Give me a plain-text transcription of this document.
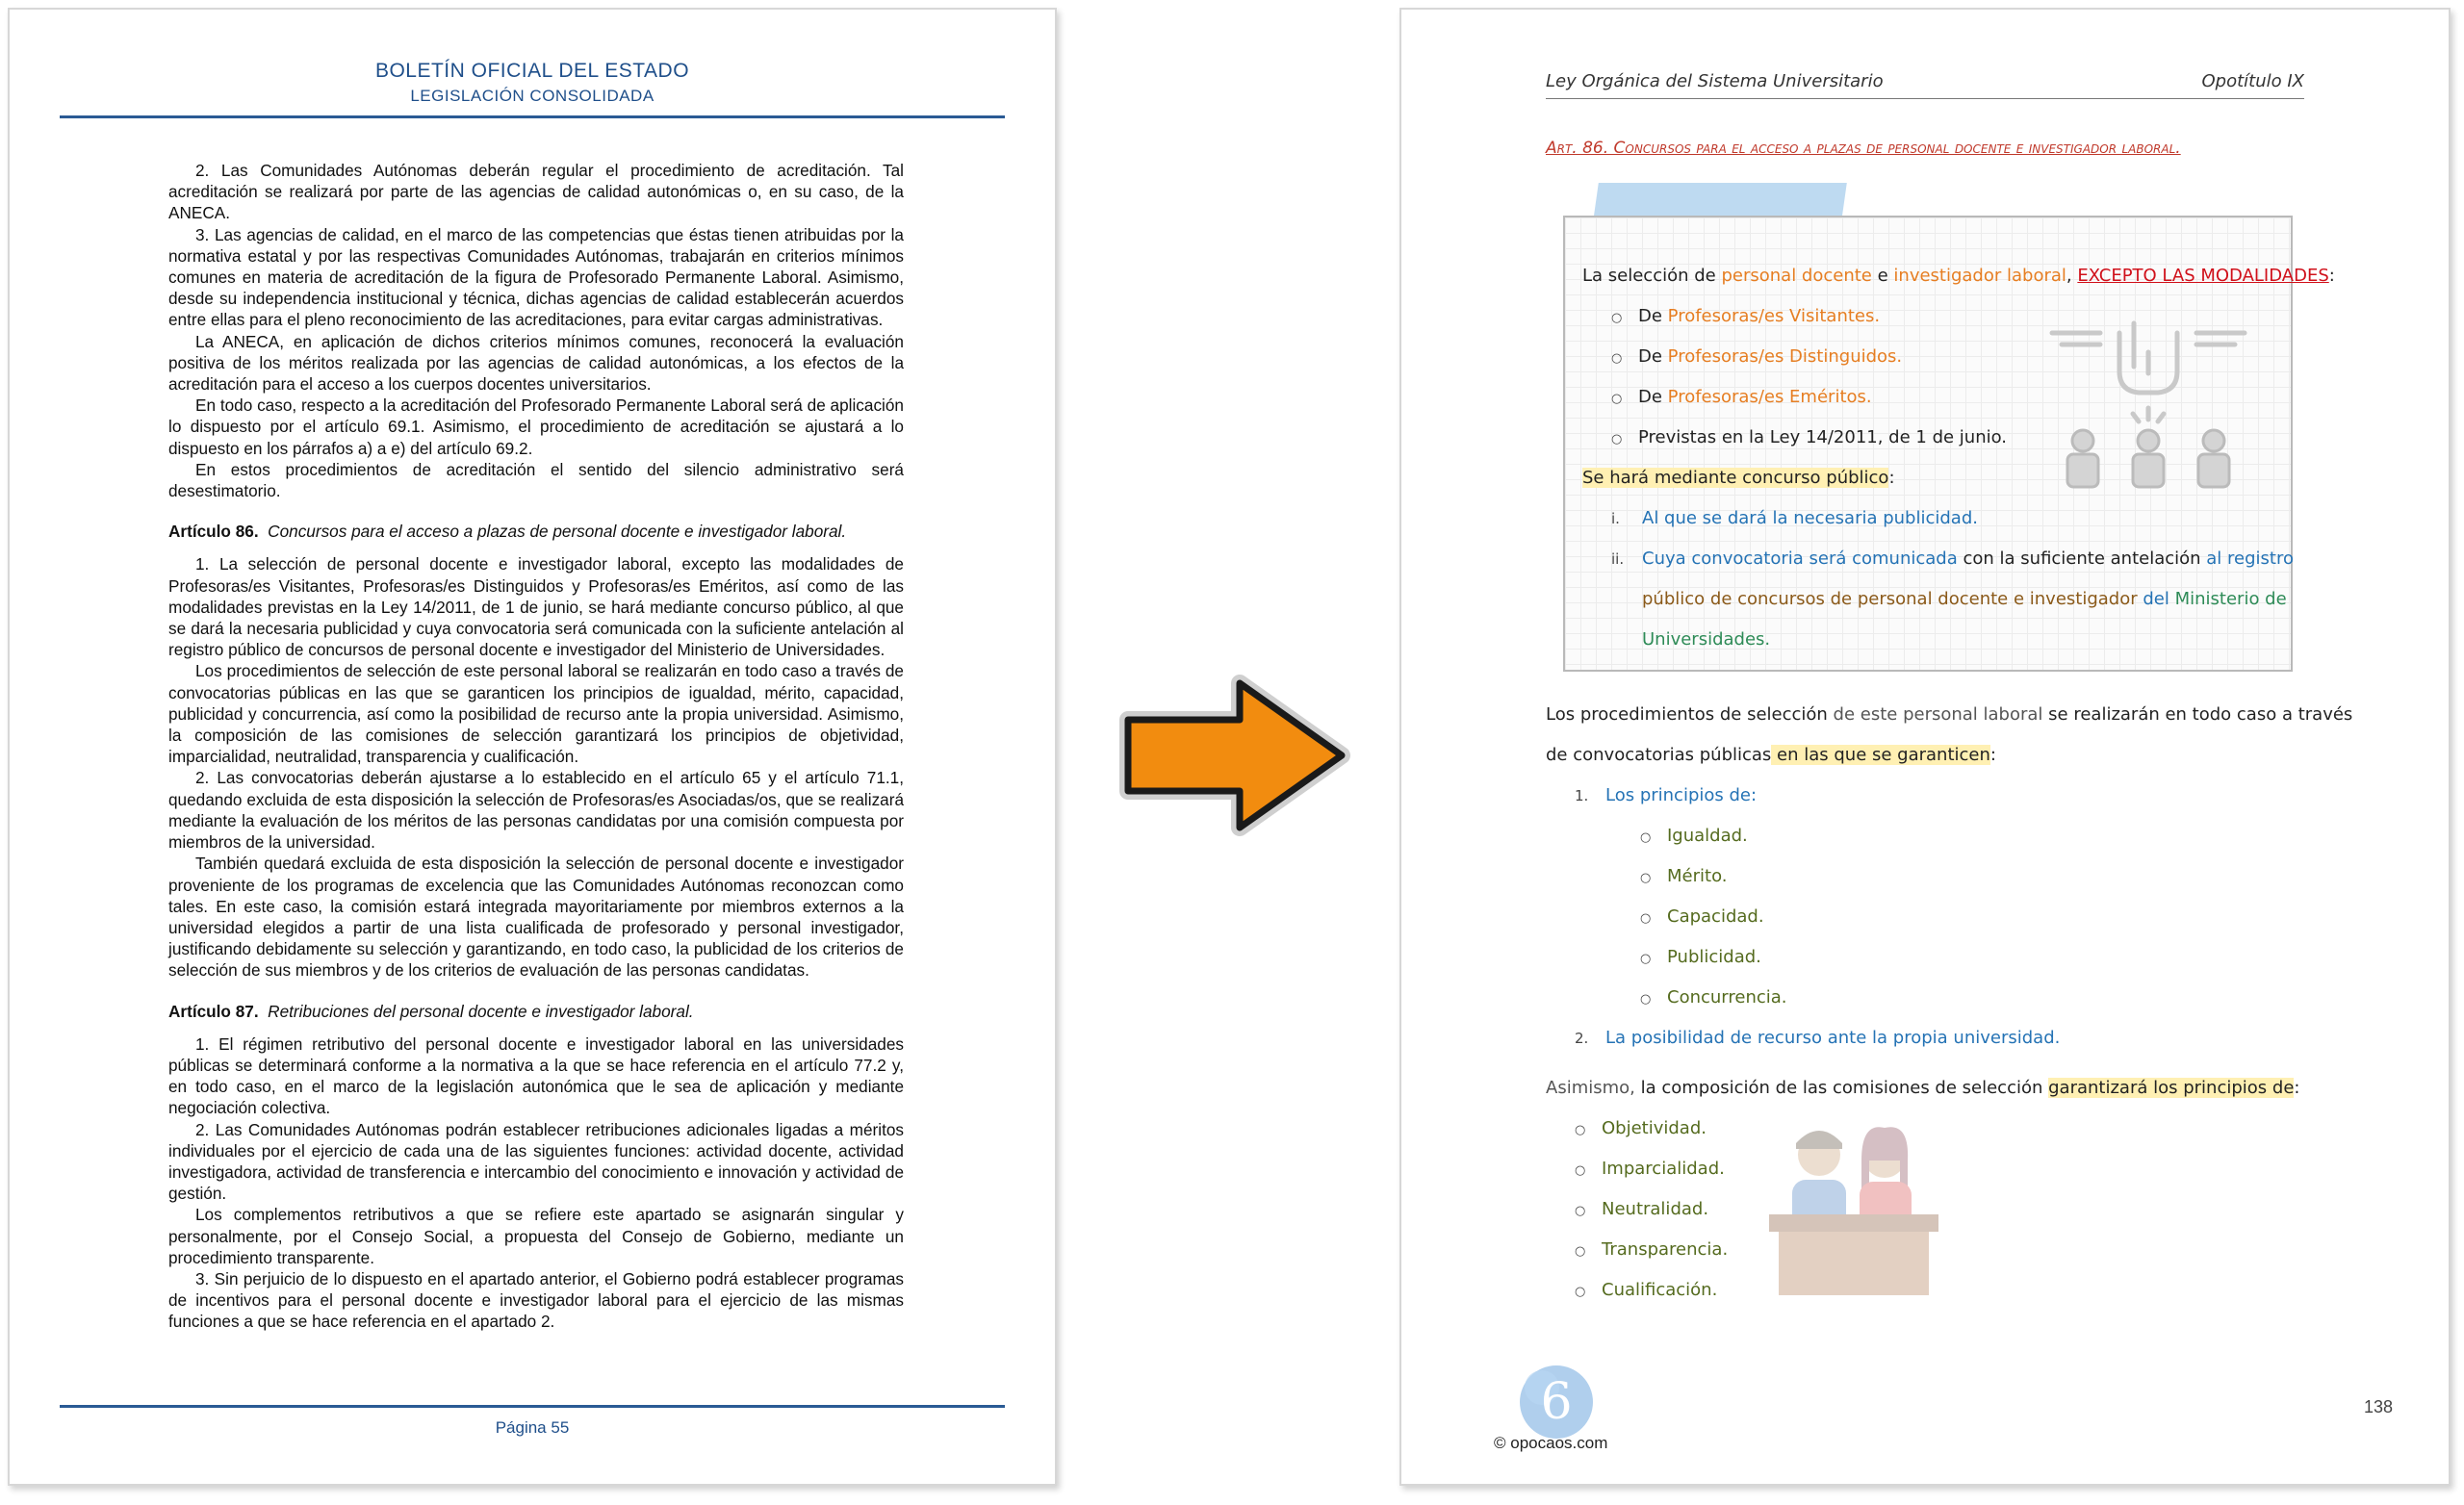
BOLETÍN OFICIAL DEL ESTADO
LEGISLACIÓN CONSOLIDADA

2. Las Comunidades Autónomas deberán regular el procedimiento de acreditación. Tal acreditación se realizará por parte de las agencias de calidad autonómicas o, en su caso, de la ANECA.

3. Las agencias de calidad, en el marco de las competencias que éstas tienen atribuidas por la normativa estatal y por las respectivas Comunidades Autónomas, trabajarán en criterios mínimos comunes en materia de acreditación de la figura de Profesorado Permanente Laboral. Asimismo, desde su independencia institucional y técnica, dichas agencias de calidad establecerán acuerdos entre ellas para el pleno reconocimiento de las acreditaciones, para evitar cargas administrativas.

La ANECA, en aplicación de dichos criterios mínimos comunes, reconocerá la evaluación positiva de los méritos realizada por las agencias de calidad autonómicas, a los efectos de la acreditación para el acceso a los cuerpos docentes universitarios.

En todo caso, respecto a la acreditación del Profesorado Permanente Laboral será de aplicación lo dispuesto por el artículo 69.1. Asimismo, el procedimiento de acreditación se ajustará a lo dispuesto en los párrafos a) a e) del artículo 69.2.

En estos procedimientos de acreditación el sentido del silencio administrativo será desestimatorio.

Artículo 86. Concursos para el acceso a plazas de personal docente e investigador laboral.

1. La selección de personal docente e investigador laboral, excepto las modalidades de Profesoras/es Visitantes, Profesoras/es Distinguidos y Profesoras/es Eméritos, así como de las modalidades previstas en la Ley 14/2011, de 1 de junio, se hará mediante concurso público, al que se dará la necesaria publicidad y cuya convocatoria será comunicada con la suficiente antelación al registro público de concursos de personal docente e investigador del Ministerio de Universidades.

Los procedimientos de selección de este personal laboral se realizarán en todo caso a través de convocatorias públicas en las que se garanticen los principios de igualdad, mérito, capacidad, publicidad y concurrencia, así como la posibilidad de recurso ante la propia universidad. Asimismo, la composición de las comisiones de selección garantizará los principios de objetividad, imparcialidad, neutralidad, transparencia y cualificación.

2. Las convocatorias deberán ajustarse a lo establecido en el artículo 65 y el artículo 71.1, quedando excluida de esta disposición la selección de Profesoras/es Asociadas/os, que se realizará mediante la evaluación de los méritos de las personas candidatas por una comisión compuesta por miembros de la universidad.

También quedará excluida de esta disposición la selección de personal docente e investigador proveniente de los programas de excelencia que las Comunidades Autónomas reconozcan como tales. En este caso, la comisión estará integrada mayoritariamente por miembros externos a la universidad elegidos a partir de una lista cualificada de profesorado y personal investigador, justificando debidamente su selección y garantizando, en todo caso, la publicidad de los criterios de selección de sus miembros y de los criterios de evaluación de las personas candidatas.

Artículo 87. Retribuciones del personal docente e investigador laboral.

1. El régimen retributivo del personal docente e investigador laboral en las universidades públicas se determinará conforme a la normativa a la que se hace referencia en el artículo 77.2 y, en todo caso, en el marco de la legislación autonómica que le sea de aplicación y mediante negociación colectiva.

2. Las Comunidades Autónomas podrán establecer retribuciones adicionales ligadas a méritos individuales por el ejercicio de cada una de las siguientes funciones: actividad docente, actividad investigadora, actividad de transferencia e intercambio del conocimiento e innovación y actividad de gestión.

Los complementos retributivos a que se refiere este apartado se asignarán singular y personalmente, por el Consejo Social, a propuesta del Consejo de Gobierno, mediante un procedimiento transparente.

3. Sin perjuicio de lo dispuesto en el apartado anterior, el Gobierno podrá establecer programas de incentivos para el personal docente e investigador laboral para el ejercicio de las mismas funciones a que se hace referencia en el apartado 2.

Página 55
Ley Orgánica del Sistema Universitario	Opotítulo IX
Art. 86. Concursos para el acceso a plazas de personal docente e investigador laboral.
La selección de personal docente e investigador laboral, EXCEPTO LAS MODALIDADES:
○ De Profesoras/es Visitantes.
○ De Profesoras/es Distinguidos.
○ De Profesoras/es Eméritos.
○ Previstas en la Ley 14/2011, de 1 de junio.
Se hará mediante concurso público:
i. Al que se dará la necesaria publicidad.
ii. Cuya convocatoria será comunicada con la suficiente antelación al registro
público de concursos de personal docente e investigador del Ministerio de
Universidades.
Los procedimientos de selección de este personal laboral se realizarán en todo caso a través
de convocatorias públicas en las que se garanticen:
1. Los principios de:
○ Igualdad.
○ Mérito.
○ Capacidad.
○ Publicidad.
○ Concurrencia.
2. La posibilidad de recurso ante la propia universidad.
Asimismo, la composición de las comisiones de selección garantizará los principios de:
○ Objetividad.
○ Imparcialidad.
○ Neutralidad.
○ Transparencia.
○ Cualificación.
6
© opocaos.com
138
